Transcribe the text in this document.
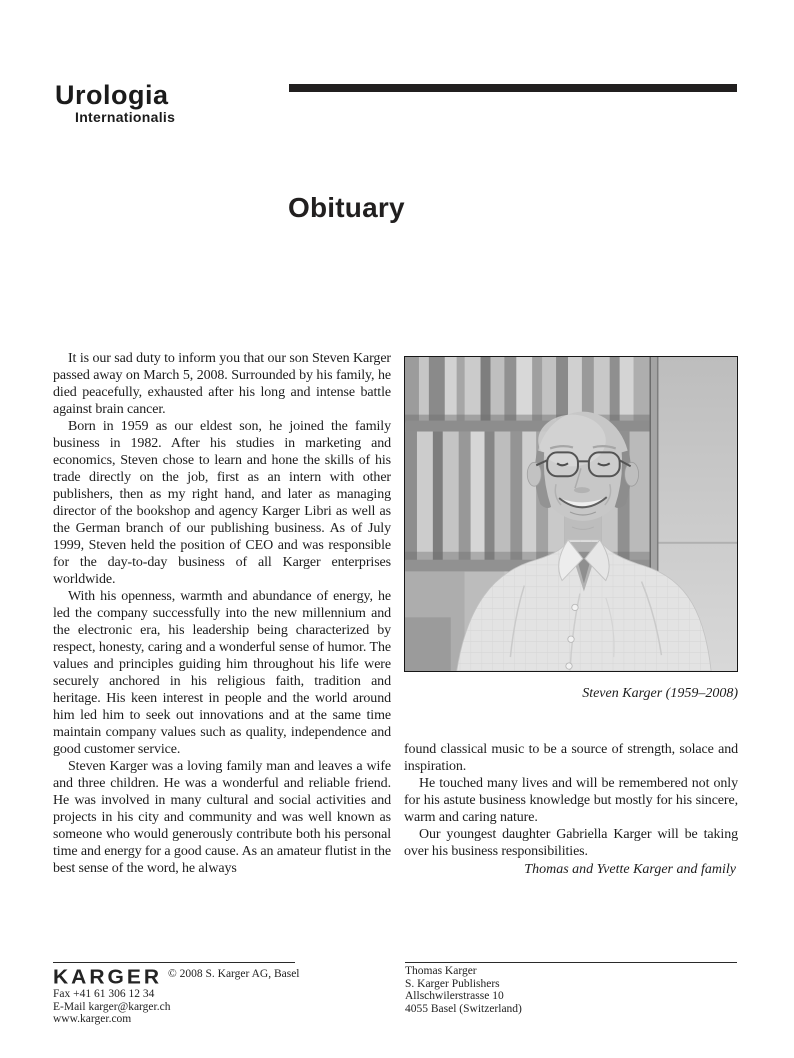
Urologia
Internationalis
Obituary

It is our sad duty to inform you that our son Steven Karger passed away on March 5, 2008. Surrounded by his family, he died peacefully, exhausted after his long and intense battle against brain cancer.

Born in 1959 as our eldest son, he joined the family business in 1982. After his studies in marketing and economics, Steven chose to learn and hone the skills of his trade directly on the job, first as an intern with other publishers, then as my right hand, and later as managing director of the bookshop and agency Karger Libri as well as the German branch of our publishing business. As of July 1999, Steven held the position of CEO and was responsible for the day-to-day business of all Karger enterprises worldwide.

With his openness, warmth and abundance of energy, he led the company successfully into the new millennium and the electronic era, his leadership being characterized by respect, honesty, caring and a wonderful sense of humor. The values and principles guiding him throughout his life were securely anchored in his religious faith, tradition and heritage. His keen interest in people and the world around him led him to seek out innovations and at the same time maintain company values such as quality, independence and good customer service.

Steven Karger was a loving family man and leaves a wife and three children. He was a wonderful and reliable friend. He was involved in many cultural and social activities and projects in his city and community and was well known as someone who would generously contribute both his personal time and energy for a good cause. As an amateur flutist in the best sense of the word, he always

Steven Karger (1959–2008)

found classical music to be a source of strength, solace and inspiration.

He touched many lives and will be remembered not only for his astute business knowledge but mostly for his sincere, warm and caring nature.

Our youngest daughter Gabriella Karger will be taking over his business responsibilities.

Thomas and Yvette Karger and family

KARGER © 2008 S. Karger AG, Basel
Fax +41 61 306 12 34
E-Mail karger@karger.ch
www.karger.com
Thomas Karger
S. Karger Publishers
Allschwilerstrasse 10
4055 Basel (Switzerland)
